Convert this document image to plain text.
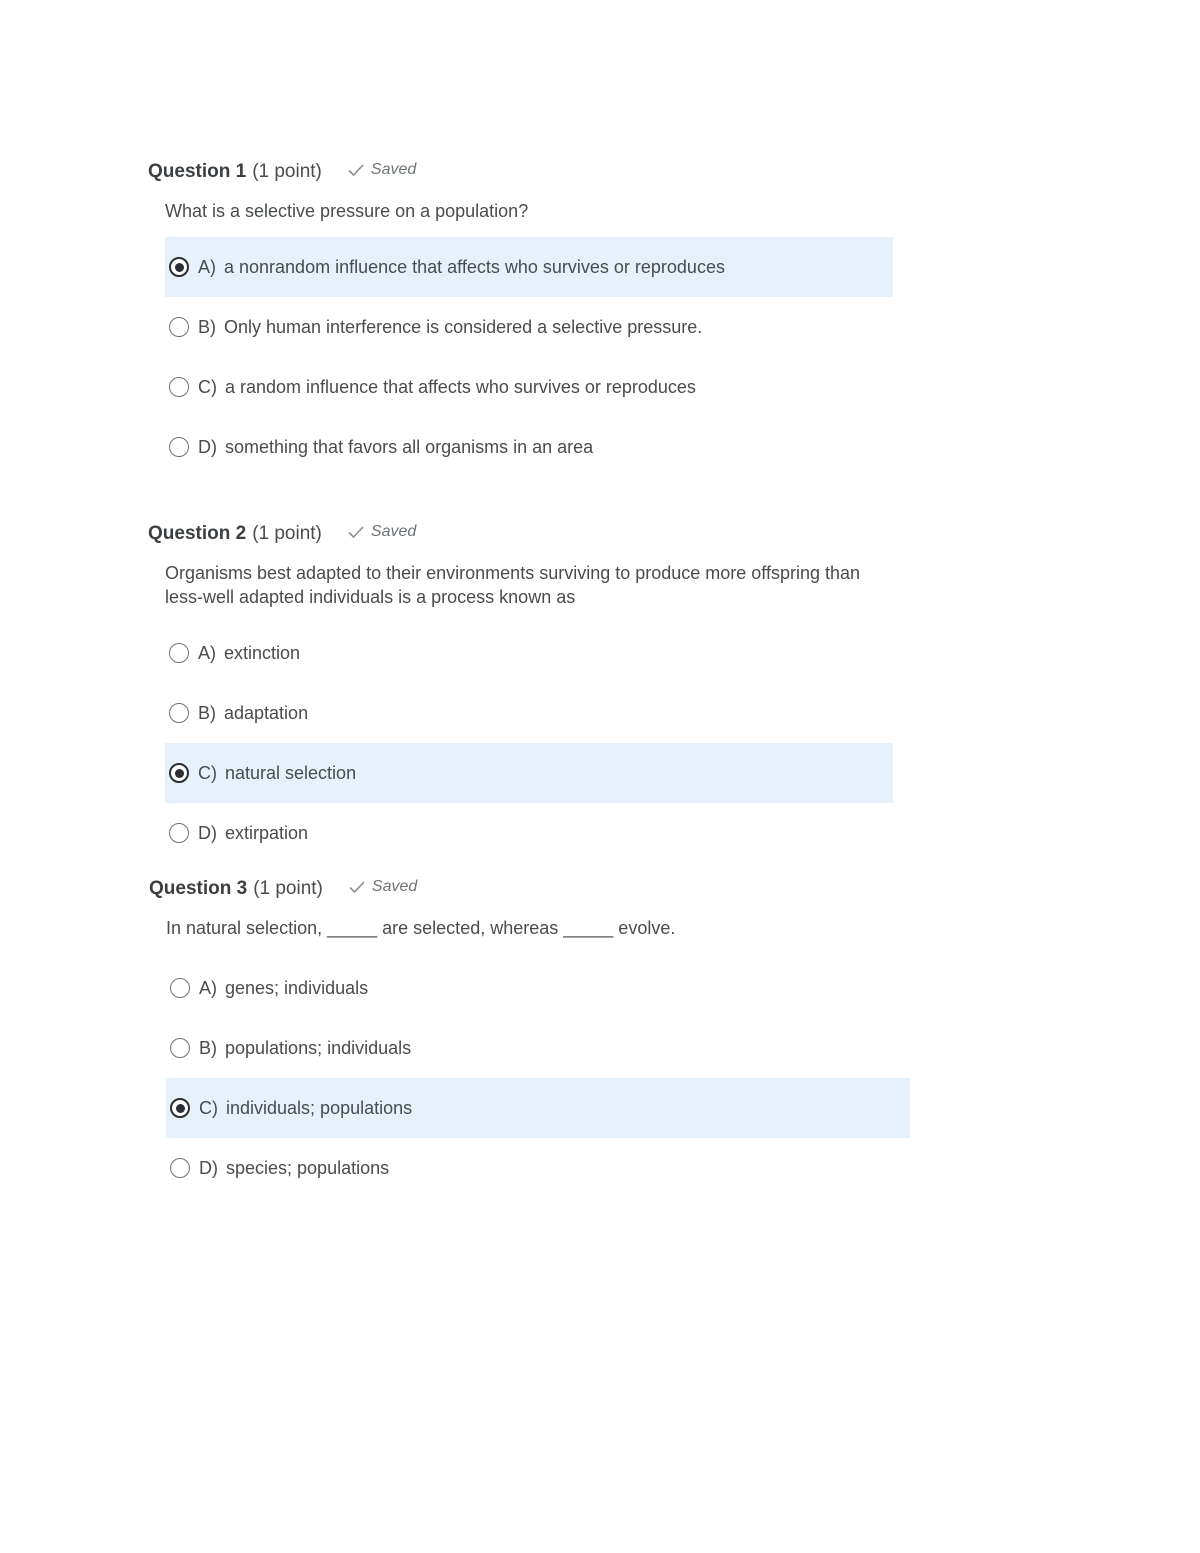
Question 1 (1 point)	Saved
What is a selective pressure on a population?
A) a nonrandom influence that affects who survives or reproduces
B) Only human interference is considered a selective pressure.
C) a random influence that affects who survives or reproduces
D) something that favors all organisms in an area
Question 2 (1 point)	Saved
Organisms best adapted to their environments surviving to produce more offspring than less-well adapted individuals is a process known as
A) extinction
B) adaptation
C) natural selection
D) extirpation
Question 3 (1 point)	Saved
In natural selection, _____ are selected, whereas _____ evolve.
A) genes; individuals
B) populations; individuals
C) individuals; populations
D) species; populations
